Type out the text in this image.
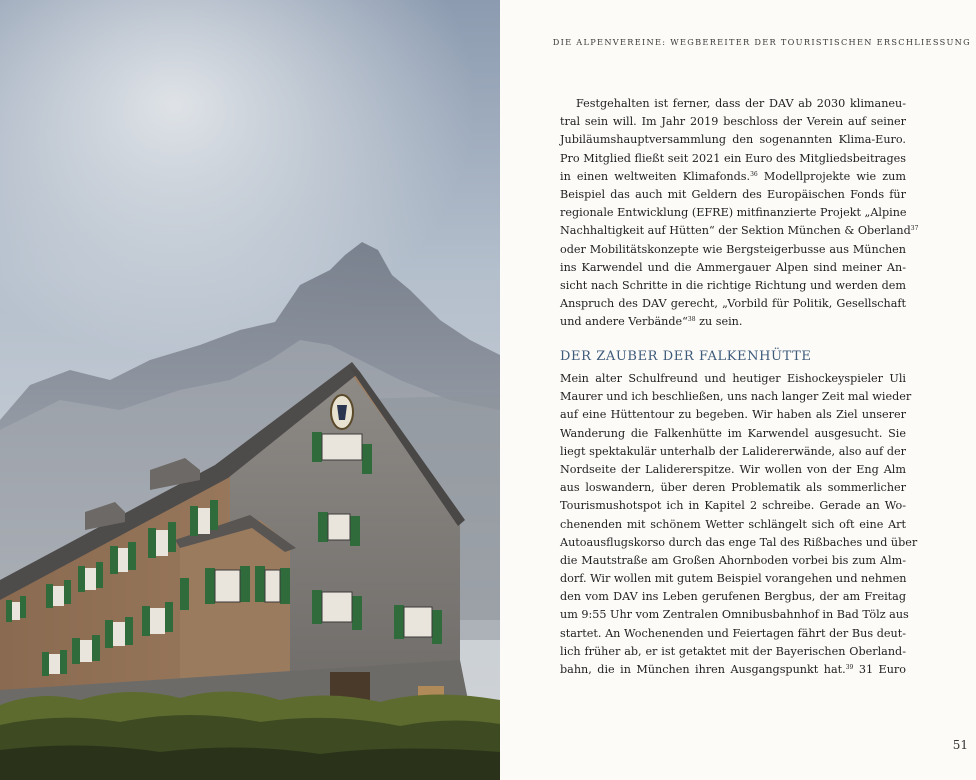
DIE ALPENVEREINE: WEGBEREITER DER TOURISTISCHEN ERSCHLIESSUNG
Festgehalten ist ferner, dass der DAV ab 2030 klimaneu-
tral sein will. Im Jahr 2019 beschloss der Verein auf seiner
Jubiläumshauptversammlung den sogenannten Klima-Euro.
Pro Mitglied fließt seit 2021 ein Euro des Mitgliedsbeitrages
in einen weltweiten Klimafonds.$^{36}$ Modellprojekte wie zum
Beispiel das auch mit Geldern des Europäischen Fonds für
regionale Entwicklung (EFRE) mitfinanzierte Projekt „Alpine
Nachhaltigkeit auf Hütten“ der Sektion München & Oberland$^{37}$
oder Mobilitätskonzepte wie Bergsteigerbusse aus München
ins Karwendel und die Ammergauer Alpen sind meiner An-
sicht nach Schritte in die richtige Richtung und werden dem
Anspruch des DAV gerecht, „Vorbild für Politik, Gesellschaft
und andere Verbände“$^{38}$ zu sein.
DER ZAUBER DER FALKENHÜTTE
Mein alter Schulfreund und heutiger Eishockeyspieler Uli
Maurer und ich beschließen, uns nach langer Zeit mal wieder
auf eine Hüttentour zu begeben. Wir haben als Ziel unserer
Wanderung die Falkenhütte im Karwendel ausgesucht. Sie
liegt spektakulär unterhalb der Lalidererwände, also auf der
Nordseite der Lalidererspitze. Wir wollen von der Eng Alm
aus loswandern, über deren Problematik als sommerlicher
Tourismushotspot ich in Kapitel 2 schreibe. Gerade an Wo-
chenenden mit schönem Wetter schlängelt sich oft eine Art
Autoausflugskorso durch das enge Tal des Rißbaches und über
die Mautstraße am Großen Ahornboden vorbei bis zum Alm-
dorf. Wir wollen mit gutem Beispiel vorangehen und nehmen
den vom DAV ins Leben gerufenen Bergbus, der am Freitag
um 9:55 Uhr vom Zentralen Omnibusbahnhof in Bad Tölz aus
startet. An Wochenenden und Feiertagen fährt der Bus deut-
lich früher ab, er ist getaktet mit der Bayerischen Oberland-
bahn, die in München ihren Ausgangspunkt hat.$^{39}$ 31 Euro
51
